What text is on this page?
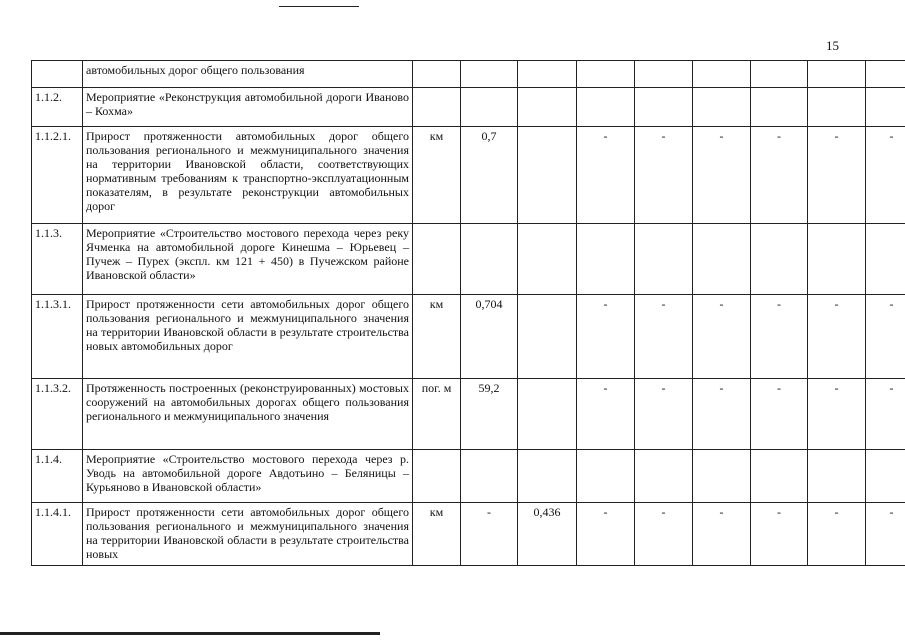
15
	автомобильных дорог общего пользования									
1.1.2.	Мероприятие «Реконструкция автомобильной дороги Иваново – Кохма»									
1.1.2.1.	Прирост протяженности автомобильных дорог общего пользования регионального и межмуниципального значения на территории Ивановской области, соответствующих нормативным требованиям к транспортно-эксплуатационным показателям, в результате реконструкции автомобильных дорог	км	0,7		-	-	-	-	-	-
1.1.3.	Мероприятие «Строительство мостового перехода через реку Ячменка на автомобильной дороге Кинешма – Юрьевец – Пучеж – Пурех (экспл. км 121 + 450) в Пучежском районе Ивановской области»									
1.1.3.1.	Прирост протяженности сети автомобильных дорог общего пользования регионального и межмуниципального значения на территории Ивановской области в результате строительства новых автомобильных дорог	км	0,704		-	-	-	-	-	-
1.1.3.2.	Протяженность построенных (реконструированных) мостовых сооружений на автомобильных дорогах общего пользования регионального и межмуниципального значения	пог. м	59,2		-	-	-	-	-	-
1.1.4.	Мероприятие «Строительство мостового перехода через р. Уводь на автомобильной дороге Авдотьино – Беляницы – Курьяново в Ивановской области»									
1.1.4.1.	Прирост протяженности сети автомобильных дорог общего пользования регионального и межмуниципального значения на территории Ивановской области в результате строительства новых	км	-	0,436	-	-	-	-	-	-
